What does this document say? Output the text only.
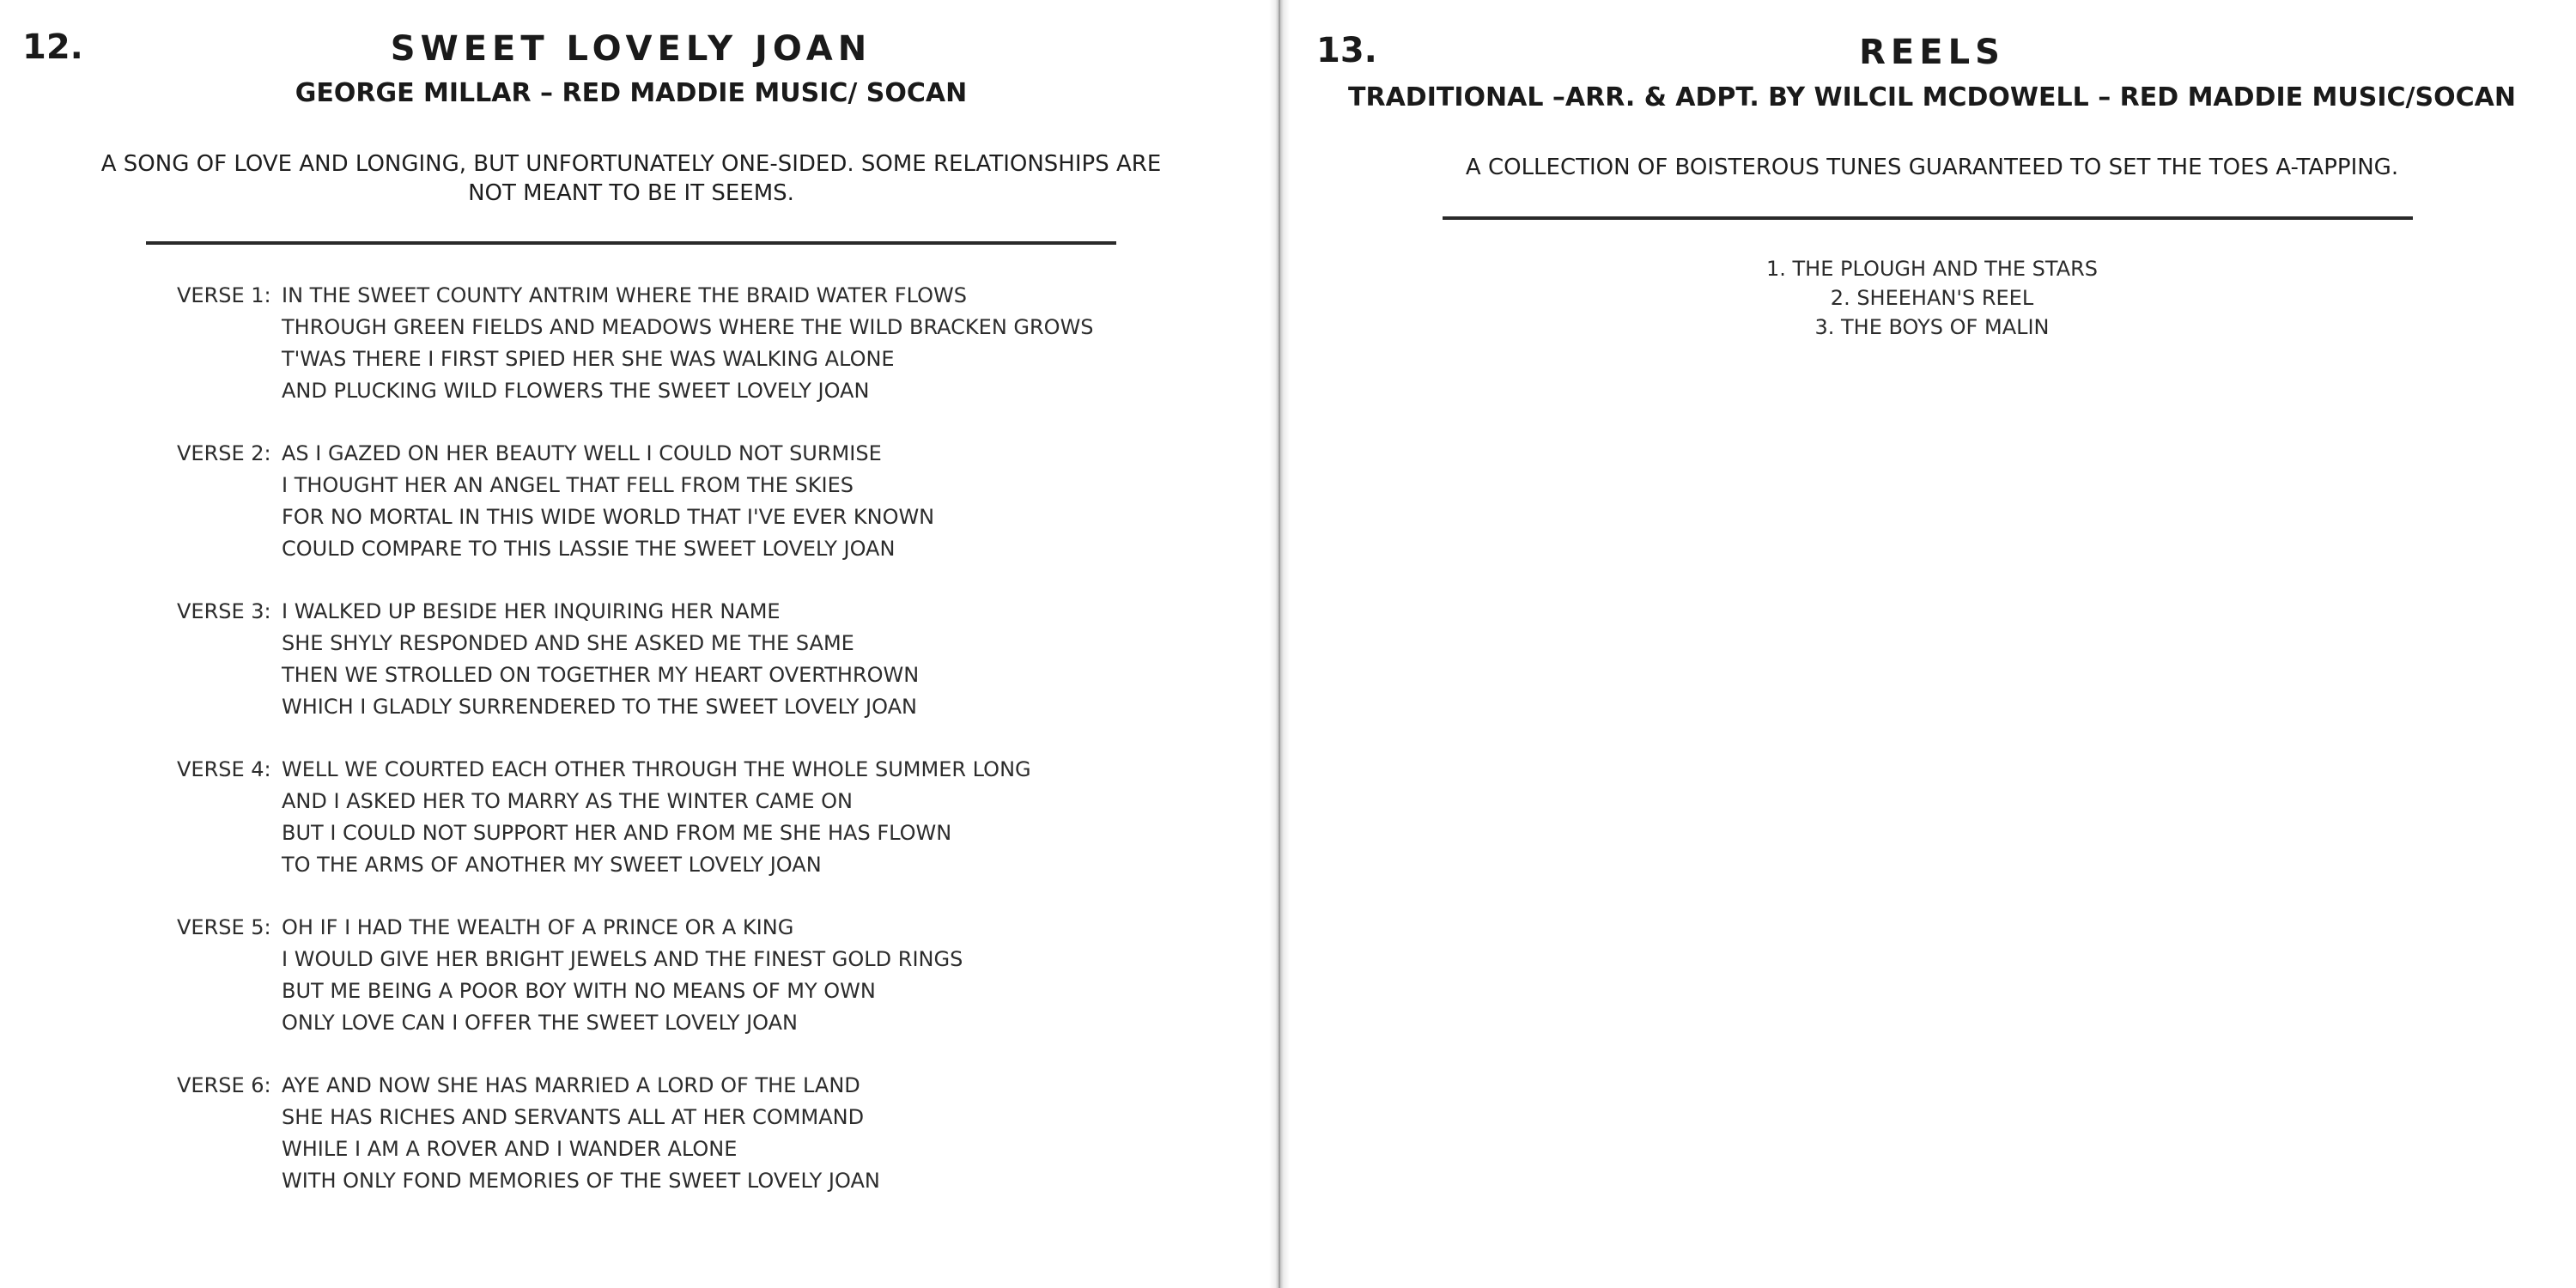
12.	SWEET LOVELY JOAN
GEORGE MILLAR – RED MADDIE MUSIC/ SOCAN
A SONG OF LOVE AND LONGING, BUT UNFORTUNATELY ONE-SIDED. SOME RELATIONSHIPS ARE
NOT MEANT TO BE IT SEEMS.
VERSE 1: IN THE SWEET COUNTY ANTRIM WHERE THE BRAID WATER FLOWS
THROUGH GREEN FIELDS AND MEADOWS WHERE THE WILD BRACKEN GROWS
T'WAS THERE I FIRST SPIED HER SHE WAS WALKING ALONE
AND PLUCKING WILD FLOWERS THE SWEET LOVELY JOAN
VERSE 2: AS I GAZED ON HER BEAUTY WELL I COULD NOT SURMISE
I THOUGHT HER AN ANGEL THAT FELL FROM THE SKIES
FOR NO MORTAL IN THIS WIDE WORLD THAT I'VE EVER KNOWN
COULD COMPARE TO THIS LASSIE THE SWEET LOVELY JOAN
VERSE 3: I WALKED UP BESIDE HER INQUIRING HER NAME
SHE SHYLY RESPONDED AND SHE ASKED ME THE SAME
THEN WE STROLLED ON TOGETHER MY HEART OVERTHROWN
WHICH I GLADLY SURRENDERED TO THE SWEET LOVELY JOAN
VERSE 4: WELL WE COURTED EACH OTHER THROUGH THE WHOLE SUMMER LONG
AND I ASKED HER TO MARRY AS THE WINTER CAME ON
BUT I COULD NOT SUPPORT HER AND FROM ME SHE HAS FLOWN
TO THE ARMS OF ANOTHER MY SWEET LOVELY JOAN
VERSE 5: OH IF I HAD THE WEALTH OF A PRINCE OR A KING
I WOULD GIVE HER BRIGHT JEWELS AND THE FINEST GOLD RINGS
BUT ME BEING A POOR BOY WITH NO MEANS OF MY OWN
ONLY LOVE CAN I OFFER THE SWEET LOVELY JOAN
VERSE 6: AYE AND NOW SHE HAS MARRIED A LORD OF THE LAND
SHE HAS RICHES AND SERVANTS ALL AT HER COMMAND
WHILE I AM A ROVER AND I WANDER ALONE
WITH ONLY FOND MEMORIES OF THE SWEET LOVELY JOAN
13.	REELS
TRADITIONAL –ARR. & ADPT. BY WILCIL MCDOWELL – RED MADDIE MUSIC/SOCAN
A COLLECTION OF BOISTEROUS TUNES GUARANTEED TO SET THE TOES A-TAPPING.
1. THE PLOUGH AND THE STARS
2. SHEEHAN'S REEL
3. THE BOYS OF MALIN
